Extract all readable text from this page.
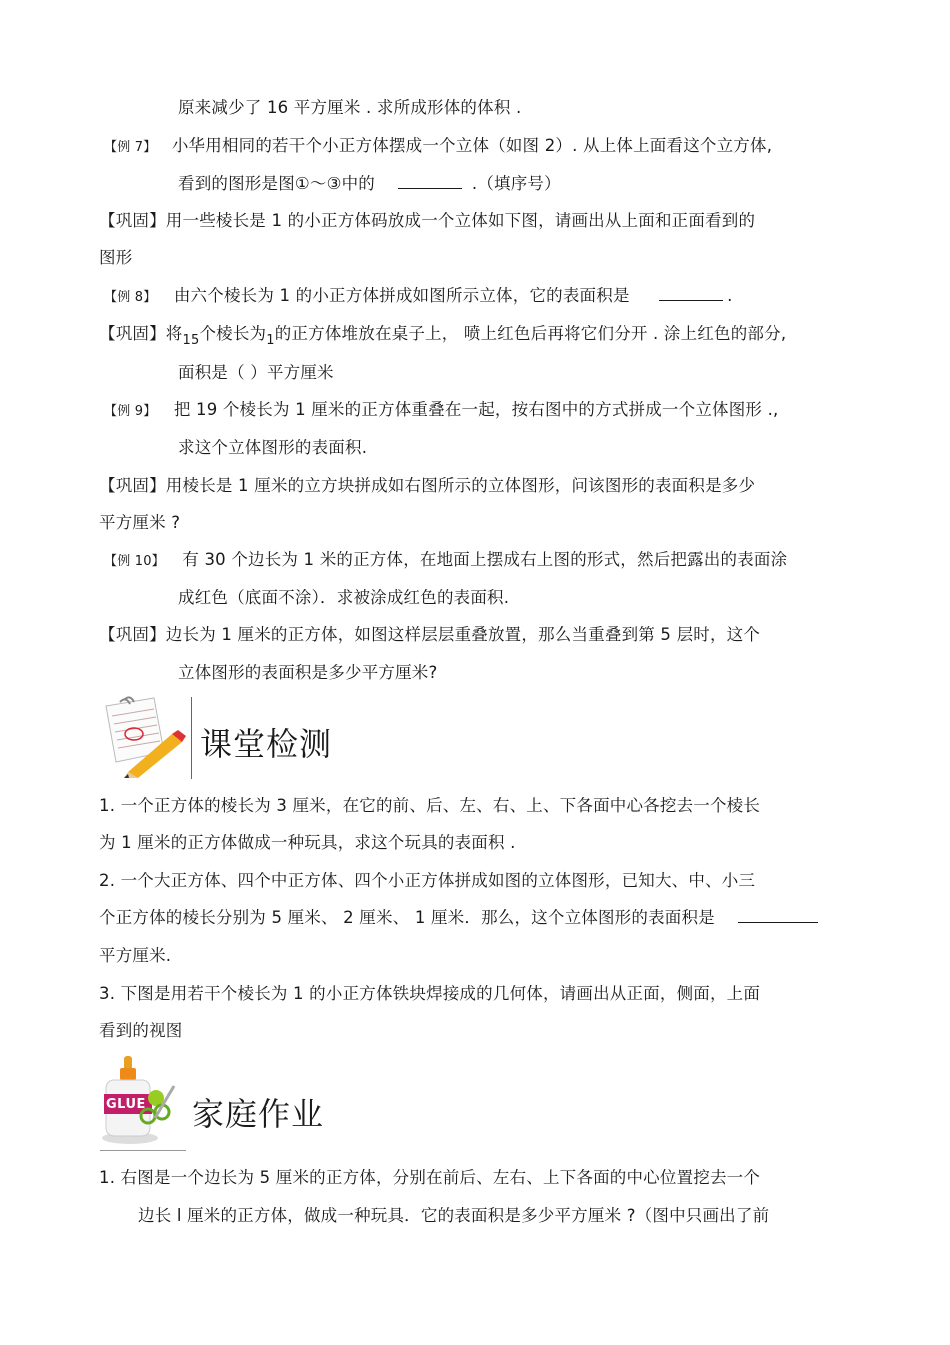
原来减少了 16 平方厘米 . 求所成形体的体积 .
【例 7】 小华用相同的若干个小正方体摆成一个立体（如图 2）. 从上体上面看这个立方体,
看到的图形是图①～③中的	.（填序号）
【巩固】用一些棱长是 1 的小正方体码放成一个立体如下图，请画出从上面和正面看到的
图形
【例 8】 由六个棱长为 1 的小正方体拼成如图所示立体，它的表面积是	.
【巩固】将$_{15}$个棱长为$_1$的正方体堆放在桌子上， 喷上红色后再将它们分开 . 涂上红色的部分,
面积是（ ）平方厘米
【例 9】 把 19 个棱长为 1 厘米的正方体重叠在一起，按右图中的方式拼成一个立体图形 .,
求这个立体图形的表面积.
【巩固】用棱长是 1 厘米的立方块拼成如右图所示的立体图形，问该图形的表面积是多少
平方厘米 ?
【例 10】 有 30 个边长为 1 米的正方体，在地面上摆成右上图的形式，然后把露出的表面涂
成红色（底面不涂）．求被涂成红色的表面积.
【巩固】边长为 1 厘米的正方体，如图这样层层重叠放置，那么当重叠到第 5 层时，这个
立体图形的表面积是多少平方厘米?
课堂检测
1. 一个正方体的棱长为 3 厘米，在它的前、后、左、右、上、下各面中心各挖去一个棱长
为 1 厘米的正方体做成一种玩具，求这个玩具的表面积 .
2. 一个大正方体、四个中正方体、四个小正方体拼成如图的立体图形，已知大、中、小三
个正方体的棱长分别为 5 厘米、 2 厘米、 1 厘米．那么，这个立体图形的表面积是
平方厘米.
3. 下图是用若干个棱长为 1 的小正方体铁块焊接成的几何体，请画出从正面，侧面，上面
看到的视图
GLUE 家庭作业
1. 右图是一个边长为 5 厘米的正方体，分别在前后、左右、上下各面的中心位置挖去一个
边长 l 厘米的正方体，做成一种玩具．它的表面积是多少平方厘米 ?（图中只画出了前
